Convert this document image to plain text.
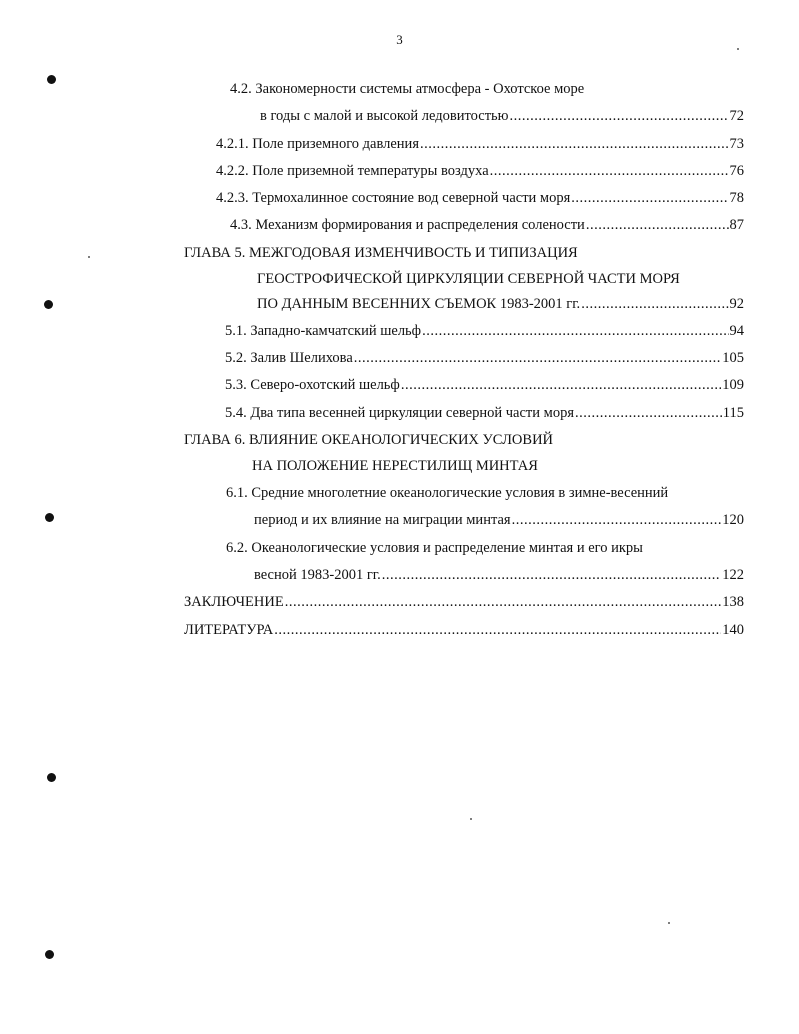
3
4.2. Закономерности системы атмосфера - Охотское море
в годы с малой и высокой ледовитостью .....	72
4.2.1. Поле приземного давления .....	73
4.2.2. Поле приземной температуры воздуха .....	76
4.2.3. Термохалинное состояние вод северной части моря .....	78
4.3. Механизм формирования и распределения солености .....	87
ГЛАВА 5. МЕЖГОДОВАЯ ИЗМЕНЧИВОСТЬ И ТИПИЗАЦИЯ
ГЕОСТРОФИЧЕСКОЙ ЦИРКУЛЯЦИИ СЕВЕРНОЙ ЧАСТИ МОРЯ
ПО ДАННЫМ ВЕСЕННИХ СЪЕМОК 1983-2001 гг. .....	92
5.1. Западно-камчатский шельф .....	94
5.2. Залив Шелихова .....	105
5.3. Северо-охотский шельф .....	109
5.4. Два типа весенней циркуляции северной части моря .....	115
ГЛАВА 6. ВЛИЯНИЕ ОКЕАНОЛОГИЧЕСКИХ УСЛОВИЙ
НА ПОЛОЖЕНИЕ НЕРЕСТИЛИЩ МИНТАЯ
6.1. Средние многолетние океанологические условия в зимне-весенний
период и их влияние на миграции минтая .....	120
6.2. Океанологические условия и распределение минтая и его икры
весной 1983-2001 гг. .....	122
ЗАКЛЮЧЕНИЕ .....	138
ЛИТЕРАТУРА .....	140
